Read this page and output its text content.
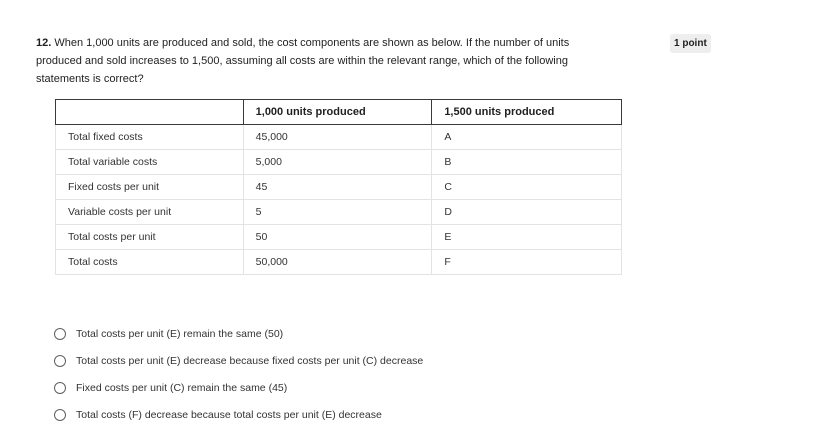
12. When 1,000 units are produced and sold, the cost components are shown as below. If the number of units produced and sold increases to 1,500, assuming all costs are within the relevant range, which of the following statements is correct?
1 point
	1,000 units produced	1,500 units produced
Total fixed costs	45,000	A
Total variable costs	5,000	B
Fixed costs per unit	45	C
Variable costs per unit	5	D
Total costs per unit	50	E
Total costs	50,000	F
Total costs per unit (E) remain the same (50)
Total costs per unit (E) decrease because fixed costs per unit (C) decrease
Fixed costs per unit (C) remain the same (45)
Total costs (F) decrease because total costs per unit (E) decrease
